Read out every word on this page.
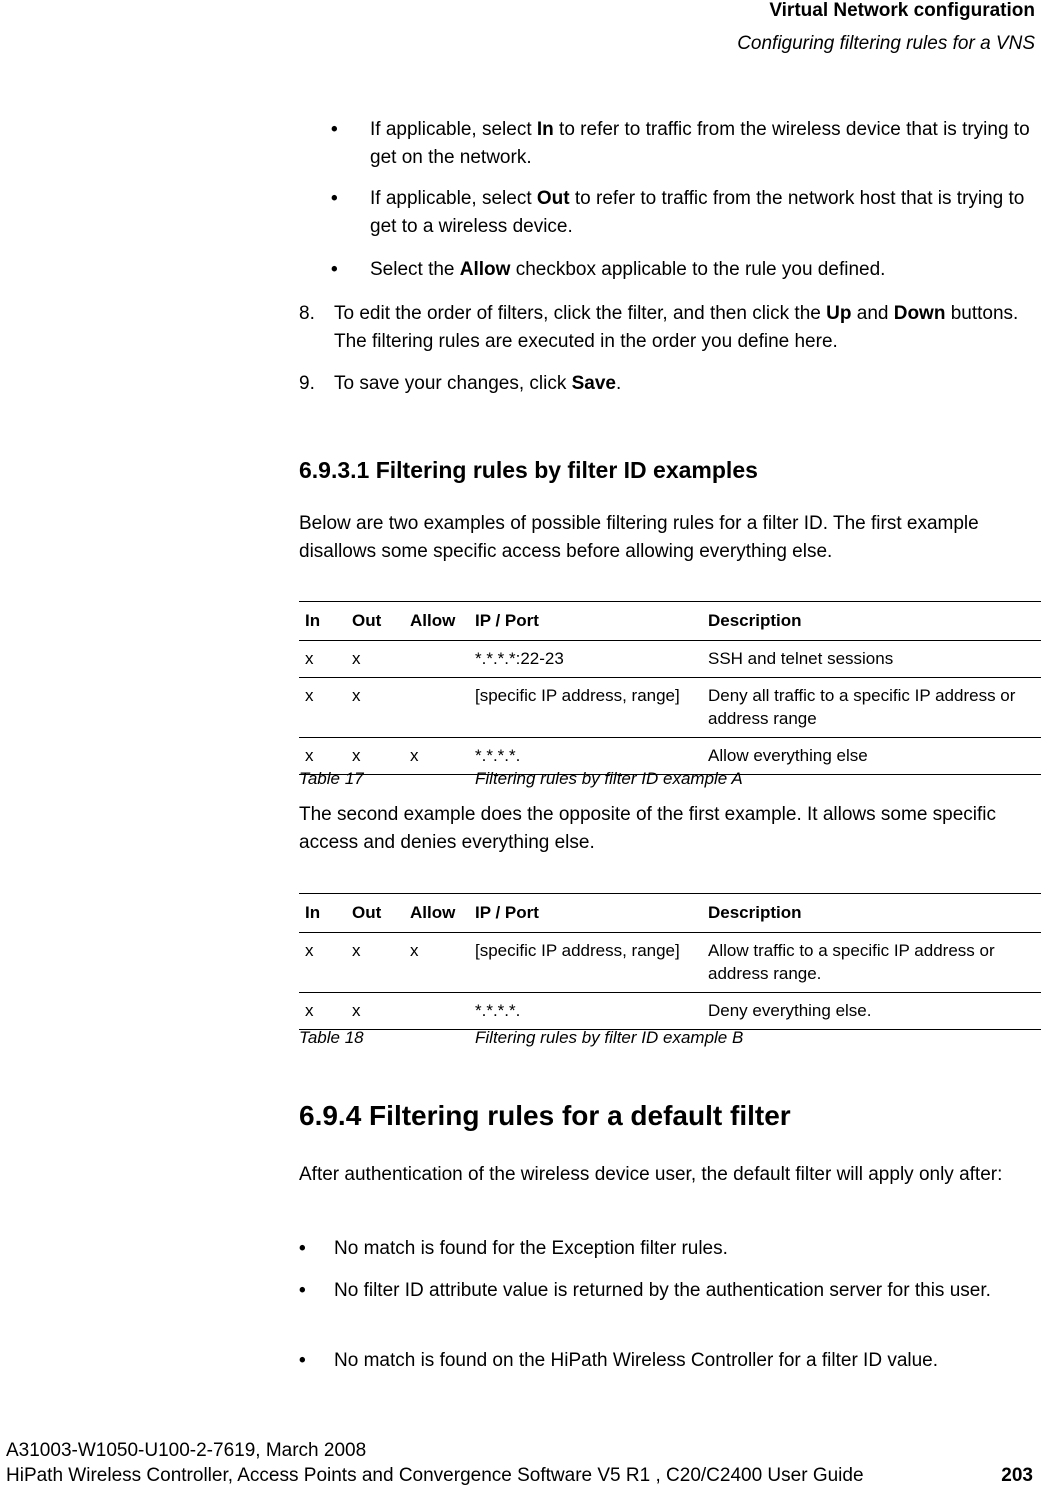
Virtual Network configuration
Configuring filtering rules for a VNS
• If applicable, select In to refer to traffic from the wireless device that is trying to get on the network.
• If applicable, select Out to refer to traffic from the network host that is trying to get to a wireless device.
• Select the Allow checkbox applicable to the rule you defined.
8. To edit the order of filters, click the filter, and then click the Up and Down buttons. The filtering rules are executed in the order you define here.
9. To save your changes, click Save.
6.9.3.1 Filtering rules by filter ID examples
Below are two examples of possible filtering rules for a filter ID. The first example disallows some specific access before allowing everything else.
In	Out	Allow	IP / Port	Description
x	x		*.*.*.*:22-23	SSH and telnet sessions
x	x		[specific IP address, range]	Deny all traffic to a specific IP address or address range
x	x	x	*.*.*.*.	Allow everything else
Table 17	Filtering rules by filter ID example A
The second example does the opposite of the first example. It allows some specific access and denies everything else.
In	Out	Allow	IP / Port	Description
x	x	x	[specific IP address, range]	Allow traffic to a specific IP address or address range.
x	x		*.*.*.*.	Deny everything else.
Table 18	Filtering rules by filter ID example B
6.9.4 Filtering rules for a default filter
After authentication of the wireless device user, the default filter will apply only after:
• No match is found for the Exception filter rules.
• No filter ID attribute value is returned by the authentication server for this user.
• No match is found on the HiPath Wireless Controller for a filter ID value.
A31003-W1050-U100-2-7619, March 2008
HiPath Wireless Controller, Access Points and Convergence Software V5 R1 , C20/C2400 User Guide	203
